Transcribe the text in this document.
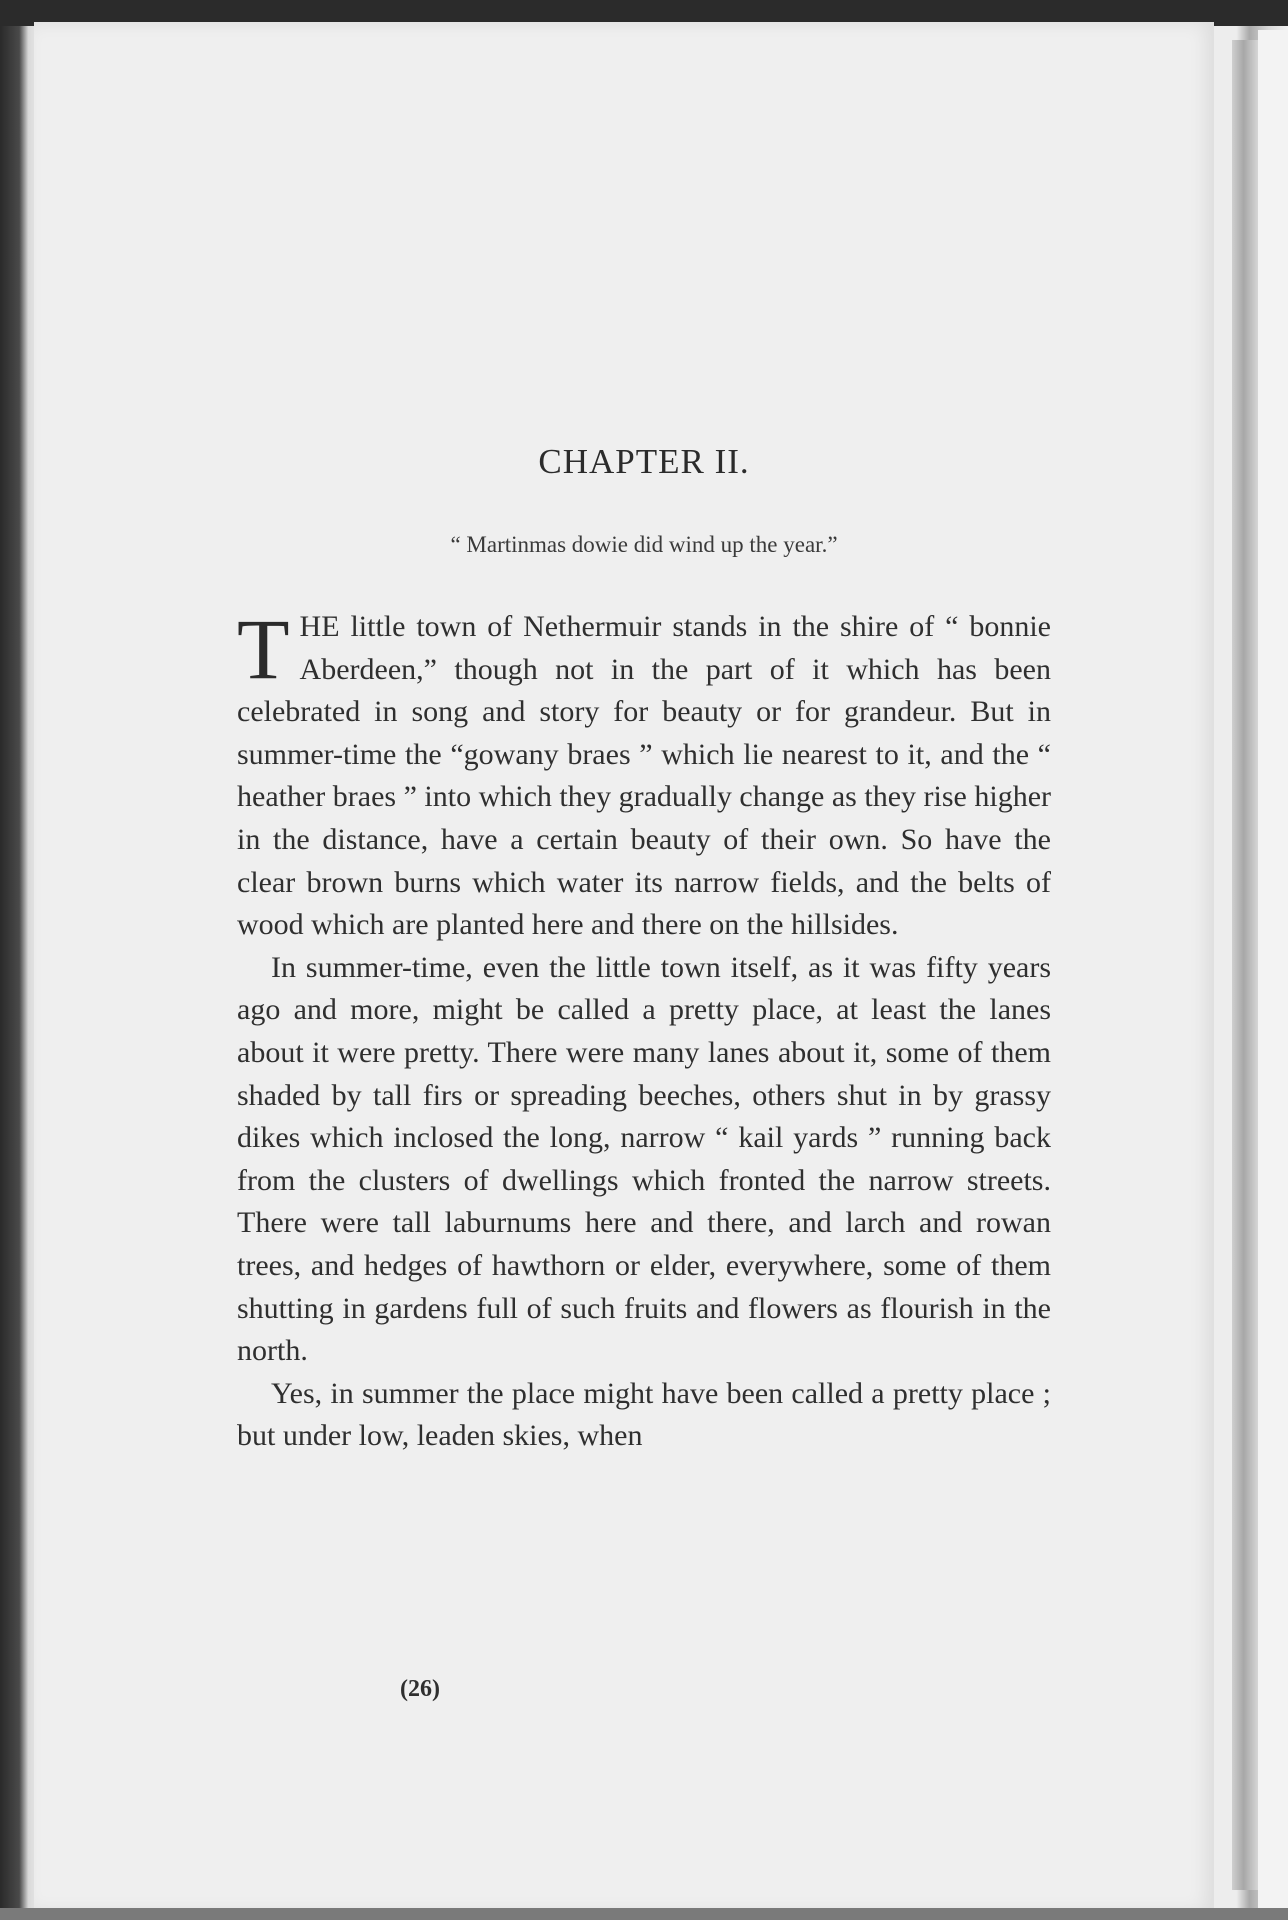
CHAPTER II.
“ Martinmas dowie did wind up the year.”

THE little town of Nethermuir stands in the shire of “ bonnie Aberdeen,” though not in the part of it which has been celebrated in song and story for beauty or for grandeur. But in summer-time the “gowany braes ” which lie nearest to it, and the “ heather braes ” into which they gradually change as they rise higher in the distance, have a certain beauty of their own. So have the clear brown burns which water its narrow fields, and the belts of wood which are planted here and there on the hillsides.

In summer-time, even the little town itself, as it was fifty years ago and more, might be called a pretty place, at least the lanes about it were pretty. There were many lanes about it, some of them shaded by tall firs or spreading beeches, others shut in by grassy dikes which inclosed the long, narrow “ kail yards ” running back from the clusters of dwellings which fronted the narrow streets. There were tall laburnums here and there, and larch and rowan trees, and hedges of hawthorn or elder, everywhere, some of them shutting in gardens full of such fruits and flowers as flourish in the north.

Yes, in summer the place might have been called a pretty place ; but under low, leaden skies, when

(26)
